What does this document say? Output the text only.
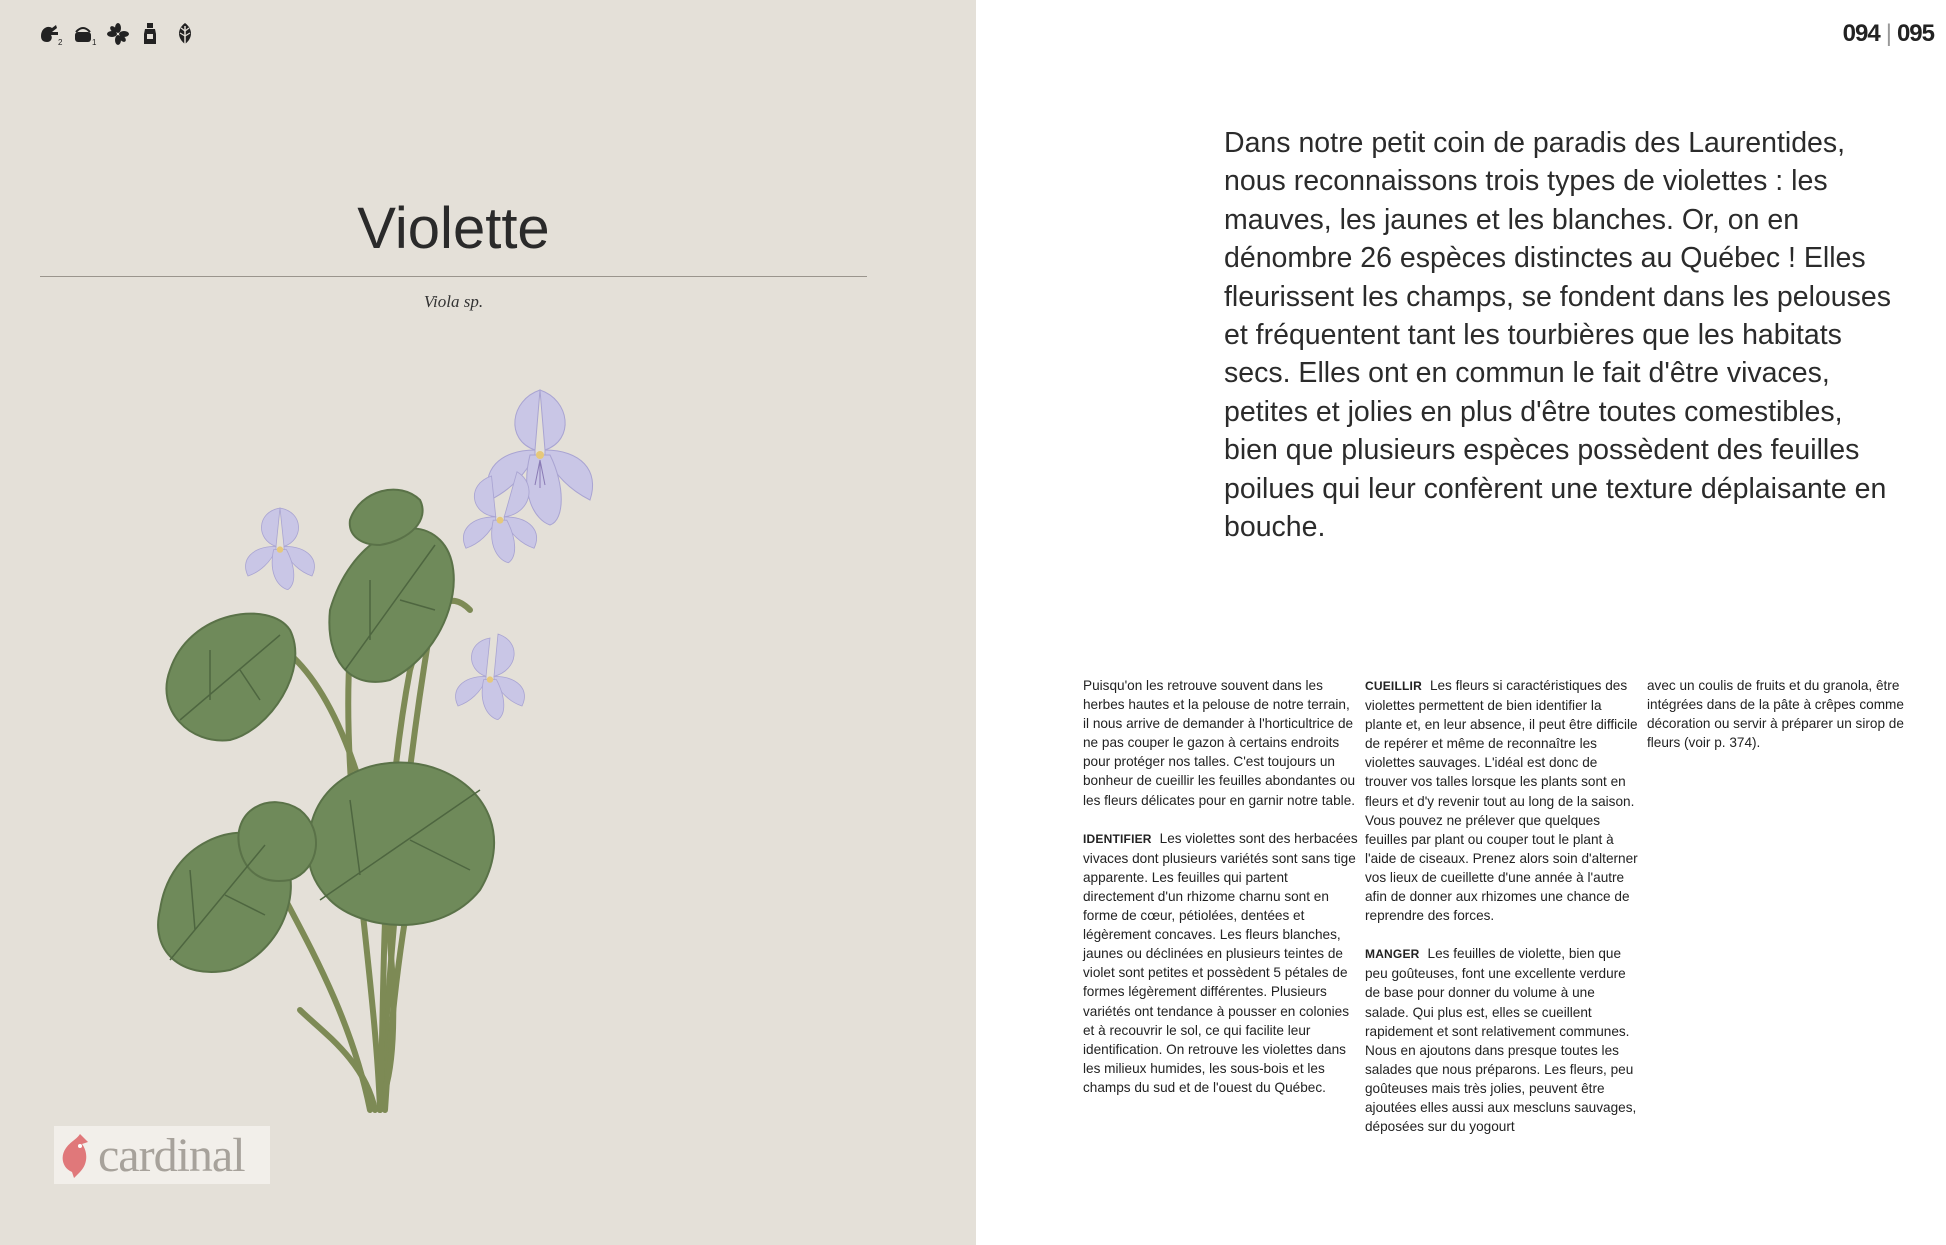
2	1
Violette
Viola sp.
cardinal
094 | 095

Dans notre petit coin de paradis des Laurentides, nous reconnaissons trois types de violettes : les mauves, les jaunes et les blanches. Or, on en dénombre 26 espèces distinctes au Québec ! Elles fleurissent les champs, se fondent dans les pelouses et fréquentent tant les tourbières que les habitats secs. Elles ont en commun le fait d'être vivaces, petites et jolies en plus d'être toutes comestibles, bien que plusieurs espèces possèdent des feuilles poilues qui leur confèrent une texture déplaisante en bouche.

Puisqu'on les retrouve souvent dans les herbes hautes et la pelouse de notre terrain, il nous arrive de demander à l'horticultrice de ne pas couper le gazon à certains endroits pour protéger nos talles. C'est toujours un bonheur de cueillir les feuilles abondantes ou les fleurs délicates pour en garnir notre table.

IDENTIFIER Les violettes sont des herbacées vivaces dont plusieurs variétés sont sans tige apparente. Les feuilles qui partent directement d'un rhizome charnu sont en forme de cœur, pétiolées, dentées et légèrement concaves. Les fleurs blanches, jaunes ou déclinées en plusieurs teintes de violet sont petites et possèdent 5 pétales de formes légèrement différentes. Plusieurs variétés ont tendance à pousser en colonies et à recouvrir le sol, ce qui facilite leur identification. On retrouve les violettes dans les milieux humides, les sous-bois et les champs du sud et de l'ouest du Québec.

CUEILLIR Les fleurs si caractéristiques des violettes permettent de bien identifier la plante et, en leur absence, il peut être difficile de repérer et même de reconnaître les violettes sauvages. L'idéal est donc de trouver vos talles lorsque les plants sont en fleurs et d'y revenir tout au long de la saison. Vous pouvez ne prélever que quelques feuilles par plant ou couper tout le plant à l'aide de ciseaux. Prenez alors soin d'alterner vos lieux de cueillette d'une année à l'autre afin de donner aux rhizomes une chance de reprendre des forces.

MANGER Les feuilles de violette, bien que peu goûteuses, font une excellente verdure de base pour donner du volume à une salade. Qui plus est, elles se cueillent rapidement et sont relativement communes. Nous en ajoutons dans presque toutes les salades que nous préparons. Les fleurs, peu goûteuses mais très jolies, peuvent être ajoutées elles aussi aux mescluns sauvages, déposées sur du yogourt

avec un coulis de fruits et du granola, être intégrées dans de la pâte à crêpes comme décoration ou servir à préparer un sirop de fleurs (voir p. 374).
